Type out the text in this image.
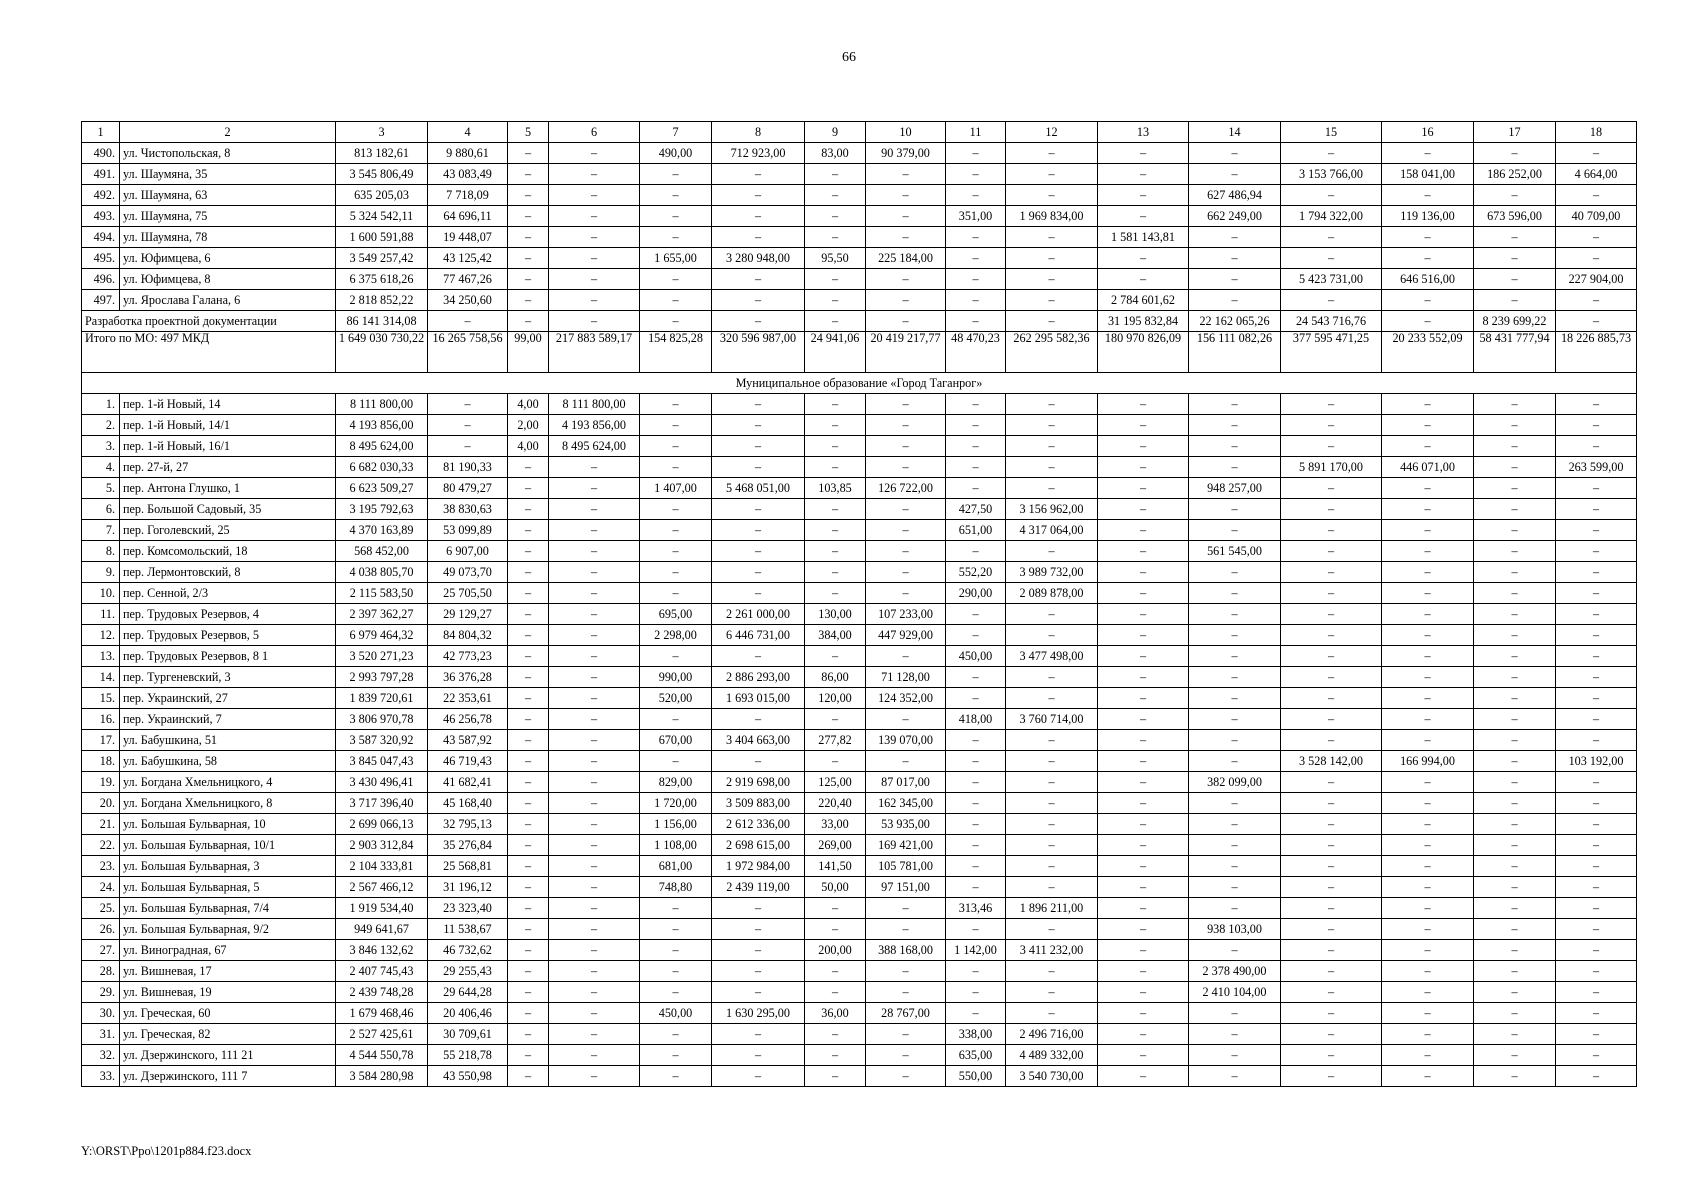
66
1	2	3	4	5	6	7	8	9	10	11	12	13	14	15	16	17	18
490.	ул. Чистопольская, 8	813 182,61	9 880,61	–	–	490,00	712 923,00	83,00	90 379,00	–	–	–	–	–	–	–	–
491.	ул. Шаумяна, 35	3 545 806,49	43 083,49	–	–	–	–	–	–	–	–	–	–	3 153 766,00	158 041,00	186 252,00	4 664,00
492.	ул. Шаумяна, 63	635 205,03	7 718,09	–	–	–	–	–	–	–	–	–	627 486,94	–	–	–	–
493.	ул. Шаумяна, 75	5 324 542,11	64 696,11	–	–	–	–	–	–	351,00	1 969 834,00	–	662 249,00	1 794 322,00	119 136,00	673 596,00	40 709,00
494.	ул. Шаумяна, 78	1 600 591,88	19 448,07	–	–	–	–	–	–	–	–	1 581 143,81	–	–	–	–	–
495.	ул. Юфимцева, 6	3 549 257,42	43 125,42	–	–	1 655,00	3 280 948,00	95,50	225 184,00	–	–	–	–	–	–	–	–
496.	ул. Юфимцева, 8	6 375 618,26	77 467,26	–	–	–	–	–	–	–	–	–	–	5 423 731,00	646 516,00	–	227 904,00
497.	ул. Ярослава Галана, 6	2 818 852,22	34 250,60	–	–	–	–	–	–	–	–	2 784 601,62	–	–	–	–	–
Разработка проектной документации		86 141 314,08	–	–	–	–	–	–	–	–	–	31 195 832,84	22 162 065,26	24 543 716,76	–	8 239 699,22	–
Итого по МО: 497 МКД		1 649 030 730,22	16 265 758,56	99,00	217 883 589,17	154 825,28	320 596 987,00	24 941,06	20 419 217,77	48 470,23	262 295 582,36	180 970 826,09	156 111 082,26	377 595 471,25	20 233 552,09	58 431 777,94	18 226 885,73
Муниципальное образование «Город Таганрог»																	
1.	пер. 1-й Новый, 14	8 111 800,00	–	4,00	8 111 800,00	–	–	–	–	–	–	–	–	–	–	–	–
2.	пер. 1-й Новый, 14/1	4 193 856,00	–	2,00	4 193 856,00	–	–	–	–	–	–	–	–	–	–	–	–
3.	пер. 1-й Новый, 16/1	8 495 624,00	–	4,00	8 495 624,00	–	–	–	–	–	–	–	–	–	–	–	–
4.	пер. 27-й, 27	6 682 030,33	81 190,33	–	–	–	–	–	–	–	–	–	–	5 891 170,00	446 071,00	–	263 599,00
5.	пер. Антона Глушко, 1	6 623 509,27	80 479,27	–	–	1 407,00	5 468 051,00	103,85	126 722,00	–	–	–	948 257,00	–	–	–	–
6.	пер. Большой Садовый, 35	3 195 792,63	38 830,63	–	–	–	–	–	–	427,50	3 156 962,00	–	–	–	–	–	–
7.	пер. Гоголевский, 25	4 370 163,89	53 099,89	–	–	–	–	–	–	651,00	4 317 064,00	–	–	–	–	–	–
8.	пер. Комсомольский, 18	568 452,00	6 907,00	–	–	–	–	–	–	–	–	–	561 545,00	–	–	–	–
9.	пер. Лермонтовский, 8	4 038 805,70	49 073,70	–	–	–	–	–	–	552,20	3 989 732,00	–	–	–	–	–	–
10.	пер. Сенной, 2/3	2 115 583,50	25 705,50	–	–	–	–	–	–	290,00	2 089 878,00	–	–	–	–	–	–
11.	пер. Трудовых Резервов, 4	2 397 362,27	29 129,27	–	–	695,00	2 261 000,00	130,00	107 233,00	–	–	–	–	–	–	–	–
12.	пер. Трудовых Резервов, 5	6 979 464,32	84 804,32	–	–	2 298,00	6 446 731,00	384,00	447 929,00	–	–	–	–	–	–	–	–
13.	пер. Трудовых Резервов, 8 1	3 520 271,23	42 773,23	–	–	–	–	–	–	450,00	3 477 498,00	–	–	–	–	–	–
14.	пер. Тургеневский, 3	2 993 797,28	36 376,28	–	–	990,00	2 886 293,00	86,00	71 128,00	–	–	–	–	–	–	–	–
15.	пер. Украинский, 27	1 839 720,61	22 353,61	–	–	520,00	1 693 015,00	120,00	124 352,00	–	–	–	–	–	–	–	–
16.	пер. Украинский, 7	3 806 970,78	46 256,78	–	–	–	–	–	–	418,00	3 760 714,00	–	–	–	–	–	–
17.	ул. Бабушкина, 51	3 587 320,92	43 587,92	–	–	670,00	3 404 663,00	277,82	139 070,00	–	–	–	–	–	–	–	–
18.	ул. Бабушкина, 58	3 845 047,43	46 719,43	–	–	–	–	–	–	–	–	–	–	3 528 142,00	166 994,00	–	103 192,00
19.	ул. Богдана Хмельницкого, 4	3 430 496,41	41 682,41	–	–	829,00	2 919 698,00	125,00	87 017,00	–	–	–	382 099,00	–	–	–	–
20.	ул. Богдана Хмельницкого, 8	3 717 396,40	45 168,40	–	–	1 720,00	3 509 883,00	220,40	162 345,00	–	–	–	–	–	–	–	–
21.	ул. Большая Бульварная, 10	2 699 066,13	32 795,13	–	–	1 156,00	2 612 336,00	33,00	53 935,00	–	–	–	–	–	–	–	–
22.	ул. Большая Бульварная, 10/1	2 903 312,84	35 276,84	–	–	1 108,00	2 698 615,00	269,00	169 421,00	–	–	–	–	–	–	–	–
23.	ул. Большая Бульварная, 3	2 104 333,81	25 568,81	–	–	681,00	1 972 984,00	141,50	105 781,00	–	–	–	–	–	–	–	–
24.	ул. Большая Бульварная, 5	2 567 466,12	31 196,12	–	–	748,80	2 439 119,00	50,00	97 151,00	–	–	–	–	–	–	–	–
25.	ул. Большая Бульварная, 7/4	1 919 534,40	23 323,40	–	–	–	–	–	–	313,46	1 896 211,00	–	–	–	–	–	–
26.	ул. Большая Бульварная, 9/2	949 641,67	11 538,67	–	–	–	–	–	–	–	–	–	938 103,00	–	–	–	–
27.	ул. Виноградная, 67	3 846 132,62	46 732,62	–	–	–	–	200,00	388 168,00	1 142,00	3 411 232,00	–	–	–	–	–	–
28.	ул. Вишневая, 17	2 407 745,43	29 255,43	–	–	–	–	–	–	–	–	–	2 378 490,00	–	–	–	–
29.	ул. Вишневая, 19	2 439 748,28	29 644,28	–	–	–	–	–	–	–	–	–	2 410 104,00	–	–	–	–
30.	ул. Греческая, 60	1 679 468,46	20 406,46	–	–	450,00	1 630 295,00	36,00	28 767,00	–	–	–	–	–	–	–	–
31.	ул. Греческая, 82	2 527 425,61	30 709,61	–	–	–	–	–	–	338,00	2 496 716,00	–	–	–	–	–	–
32.	ул. Дзержинского, 111 21	4 544 550,78	55 218,78	–	–	–	–	–	–	635,00	4 489 332,00	–	–	–	–	–	–
33.	ул. Дзержинского, 111 7	3 584 280,98	43 550,98	–	–	–	–	–	–	550,00	3 540 730,00	–	–	–	–	–	–
Y:\ORST\Ppo\1201p884.f23.docx
